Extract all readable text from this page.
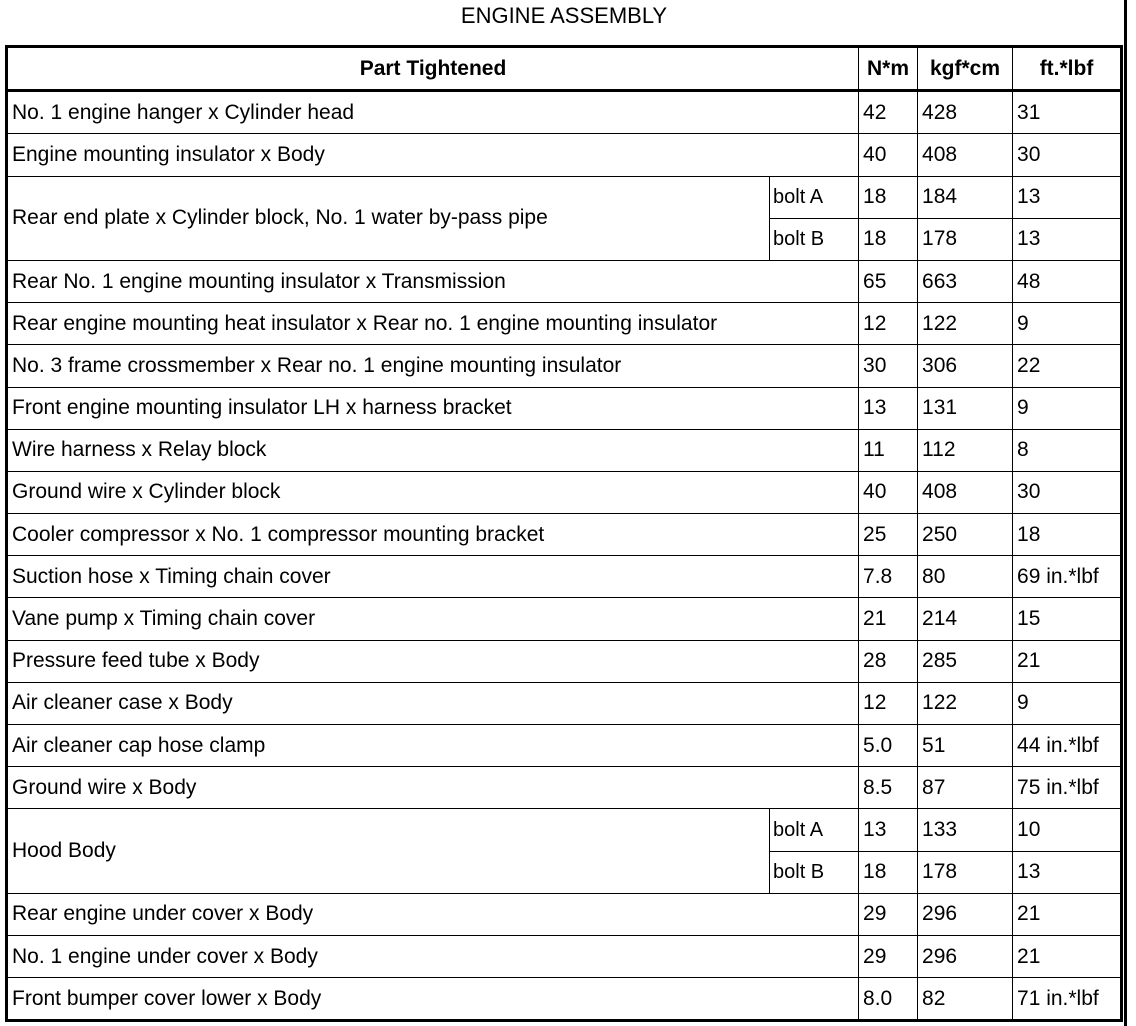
ENGINE ASSEMBLY
Part Tightened		N*m	kgf*cm	ft.*lbf
No. 1 engine hanger x Cylinder head		42	428	31
Engine mounting insulator x Body		40	408	30
Rear end plate x Cylinder block, No. 1 water by-pass pipe	bolt A	18	184	13
	bolt B	18	178	13
Rear No. 1 engine mounting insulator x Transmission		65	663	48
Rear engine mounting heat insulator x Rear no. 1 engine mounting insulator		12	122	9
No. 3 frame crossmember x Rear no. 1 engine mounting insulator		30	306	22
Front engine mounting insulator LH x harness bracket		13	131	9
Wire harness x Relay block		11	112	8
Ground wire x Cylinder block		40	408	30
Cooler compressor x No. 1 compressor mounting bracket		25	250	18
Suction hose x Timing chain cover		7.8	80	69 in.*lbf
Vane pump x Timing chain cover		21	214	15
Pressure feed tube x Body		28	285	21
Air cleaner case x Body		12	122	9
Air cleaner cap hose clamp		5.0	51	44 in.*lbf
Ground wire x Body		8.5	87	75 in.*lbf
Hood Body	bolt A	13	133	10
	bolt B	18	178	13
Rear engine under cover x Body		29	296	21
No. 1 engine under cover x Body		29	296	21
Front bumper cover lower x Body		8.0	82	71 in.*lbf
